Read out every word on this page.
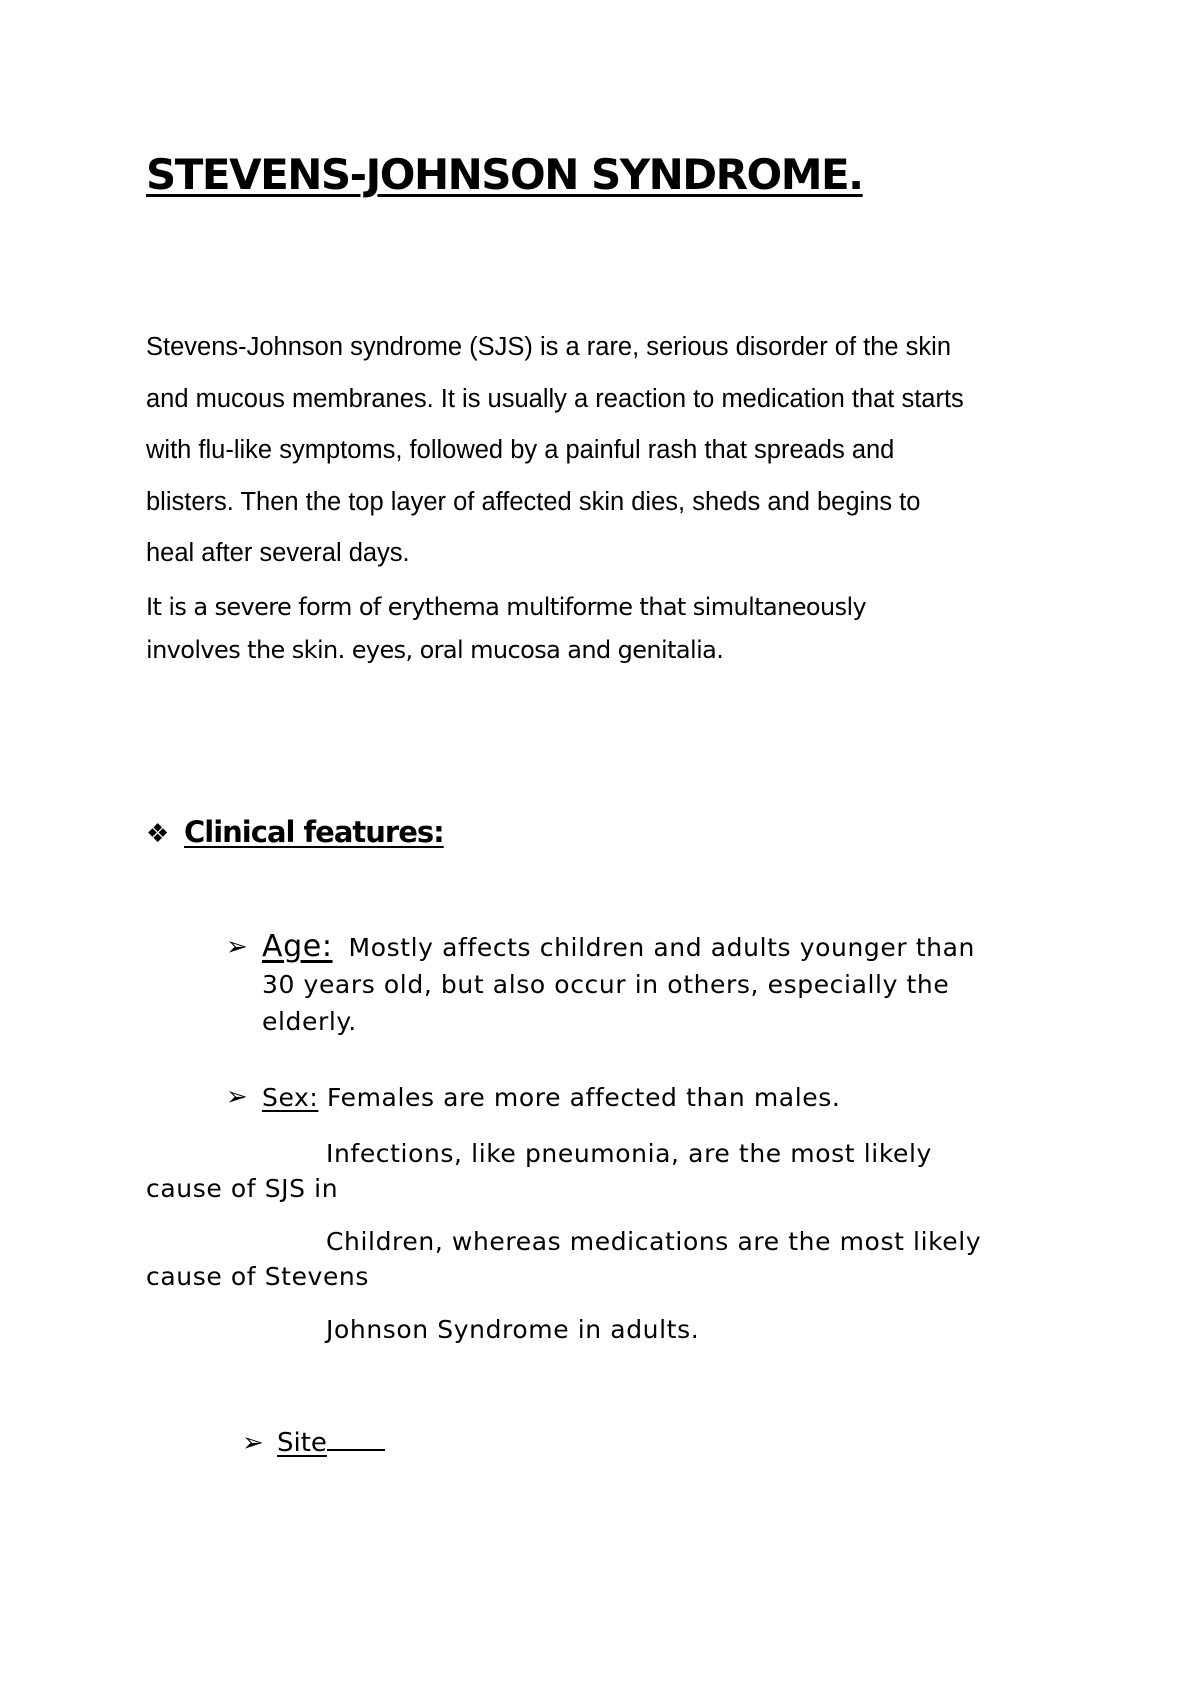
STEVENS-JOHNSON SYNDROME.
Stevens-Johnson syndrome (SJS) is a rare, serious disorder of the skin
and mucous membranes. It is usually a reaction to medication that starts
with flu-like symptoms, followed by a painful rash that spreads and
blisters. Then the top layer of affected skin dies, sheds and begins to
heal after several days.
It is a severe form of erythema multiforme that simultaneously
involves the skin. eyes, oral mucosa and genitalia.
❖ Clinical features:
➢ Age: Mostly affects children and adults younger than
30 years old, but also occur in others, especially the
elderly.
➢ Sex: Females are more affected than males.
Infections, like pneumonia, are the most likely
cause of SJS in
Children, whereas medications are the most likely
cause of Stevens
Johnson Syndrome in adults.
➢ Site
